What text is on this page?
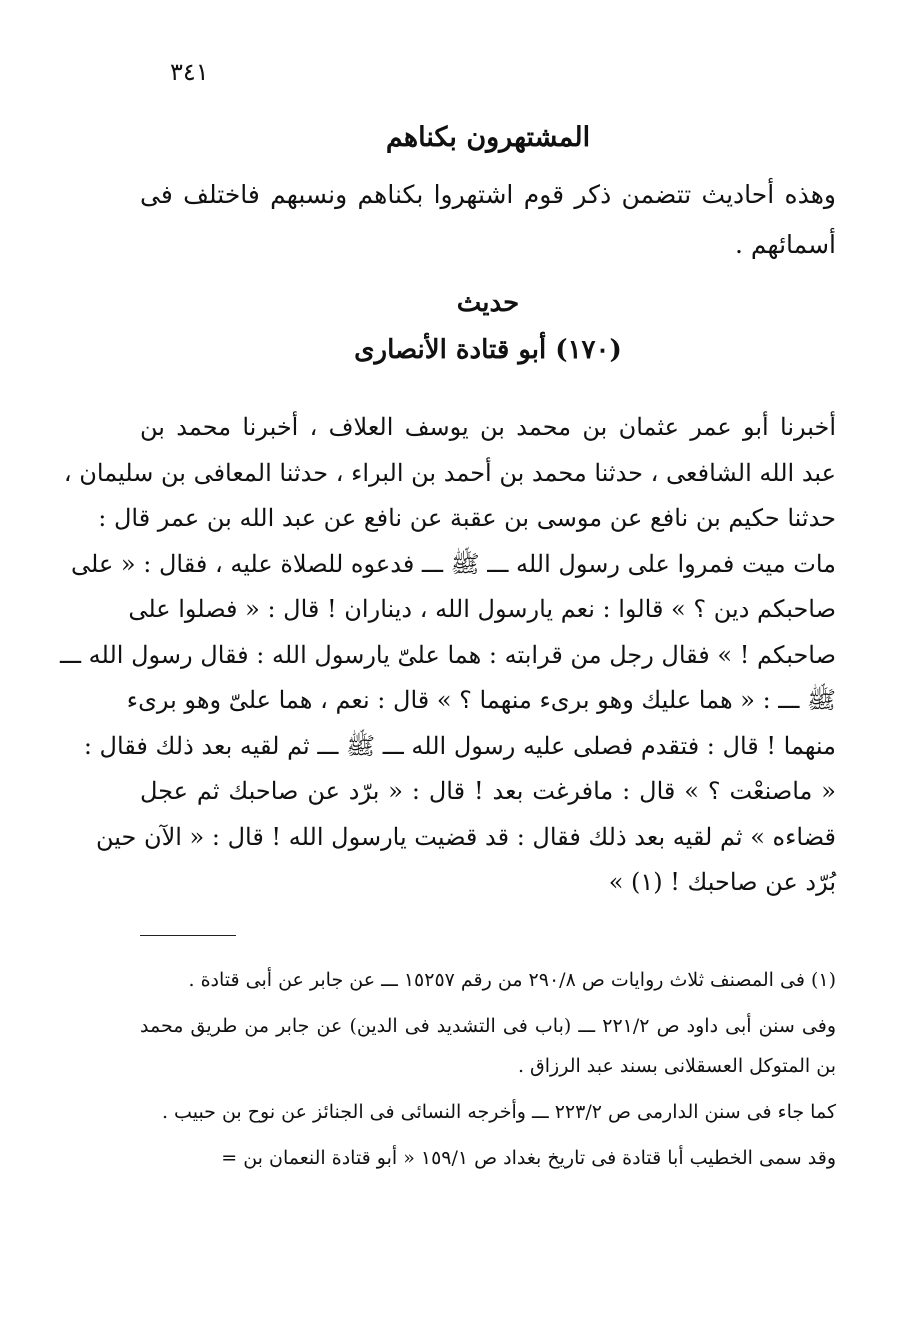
٣٤١
المشتهرون بكناهم

وهذه أحاديث تتضمن ذكر قوم اشتهروا بكناهم ونسبهم فاختلف فى أسمائهم .

حديث
(١٧٠) أبو قتادة الأنصارى
أخبرنا أبو عمر عثمان بن محمد بن يوسف العلاف ، أخبرنا محمد بن
عبد الله الشافعى ، حدثنا محمد بن أحمد بن البراء ، حدثنا المعافى بن سليمان ،
حدثنا حكيم بن نافع عن موسى بن عقبة عن نافع عن عبد الله بن عمر قال :
مات ميت فمروا على رسول الله ـــ ﷺ ـــ فدعوه للصلاة عليه ، فقال : « على
صاحبكم دين ؟ » قالوا : نعم يارسول الله ، ديناران ! قال : « فصلوا على
صاحبكم ! » فقال رجل من قرابته : هما علىّ يارسول الله : فقال رسول الله ـــ
ﷺ ـــ : « هما عليك وهو برىء منهما ؟ » قال : نعم ، هما علىّ وهو برىء
منهما ! قال : فتقدم فصلى عليه رسول الله ـــ ﷺ ـــ ثم لقيه بعد ذلك فقال :
« ماصنعْت ؟ » قال : مافرغت بعد ! قال : « برّد عن صاحبك ثم عجل
قضاءه » ثم لقيه بعد ذلك فقال : قد قضيت يارسول الله ! قال : « الآن حين
بُرّد عن صاحبك ! (١) »

(١) فى المصنف ثلاث روايات ص ٢٩٠/٨ من رقم ١٥٢٥٧ ـــ عن جابر عن أبى قتادة .

وفى سنن أبى داود ص ٢٢١/٢ ـــ (باب فى التشديد فى الدين) عن جابر من طريق محمد بن المتوكل العسقلانى بسند عبد الرزاق .

كما جاء فى سنن الدارمى ص ٢٢٣/٢ ـــ وأخرجه النسائى فى الجنائز عن نوح بن حبيب .

وقد سمى الخطيب أبا قتادة فى تاريخ بغداد ص ١٥٩/١ « أبو قتادة النعمان بن =
